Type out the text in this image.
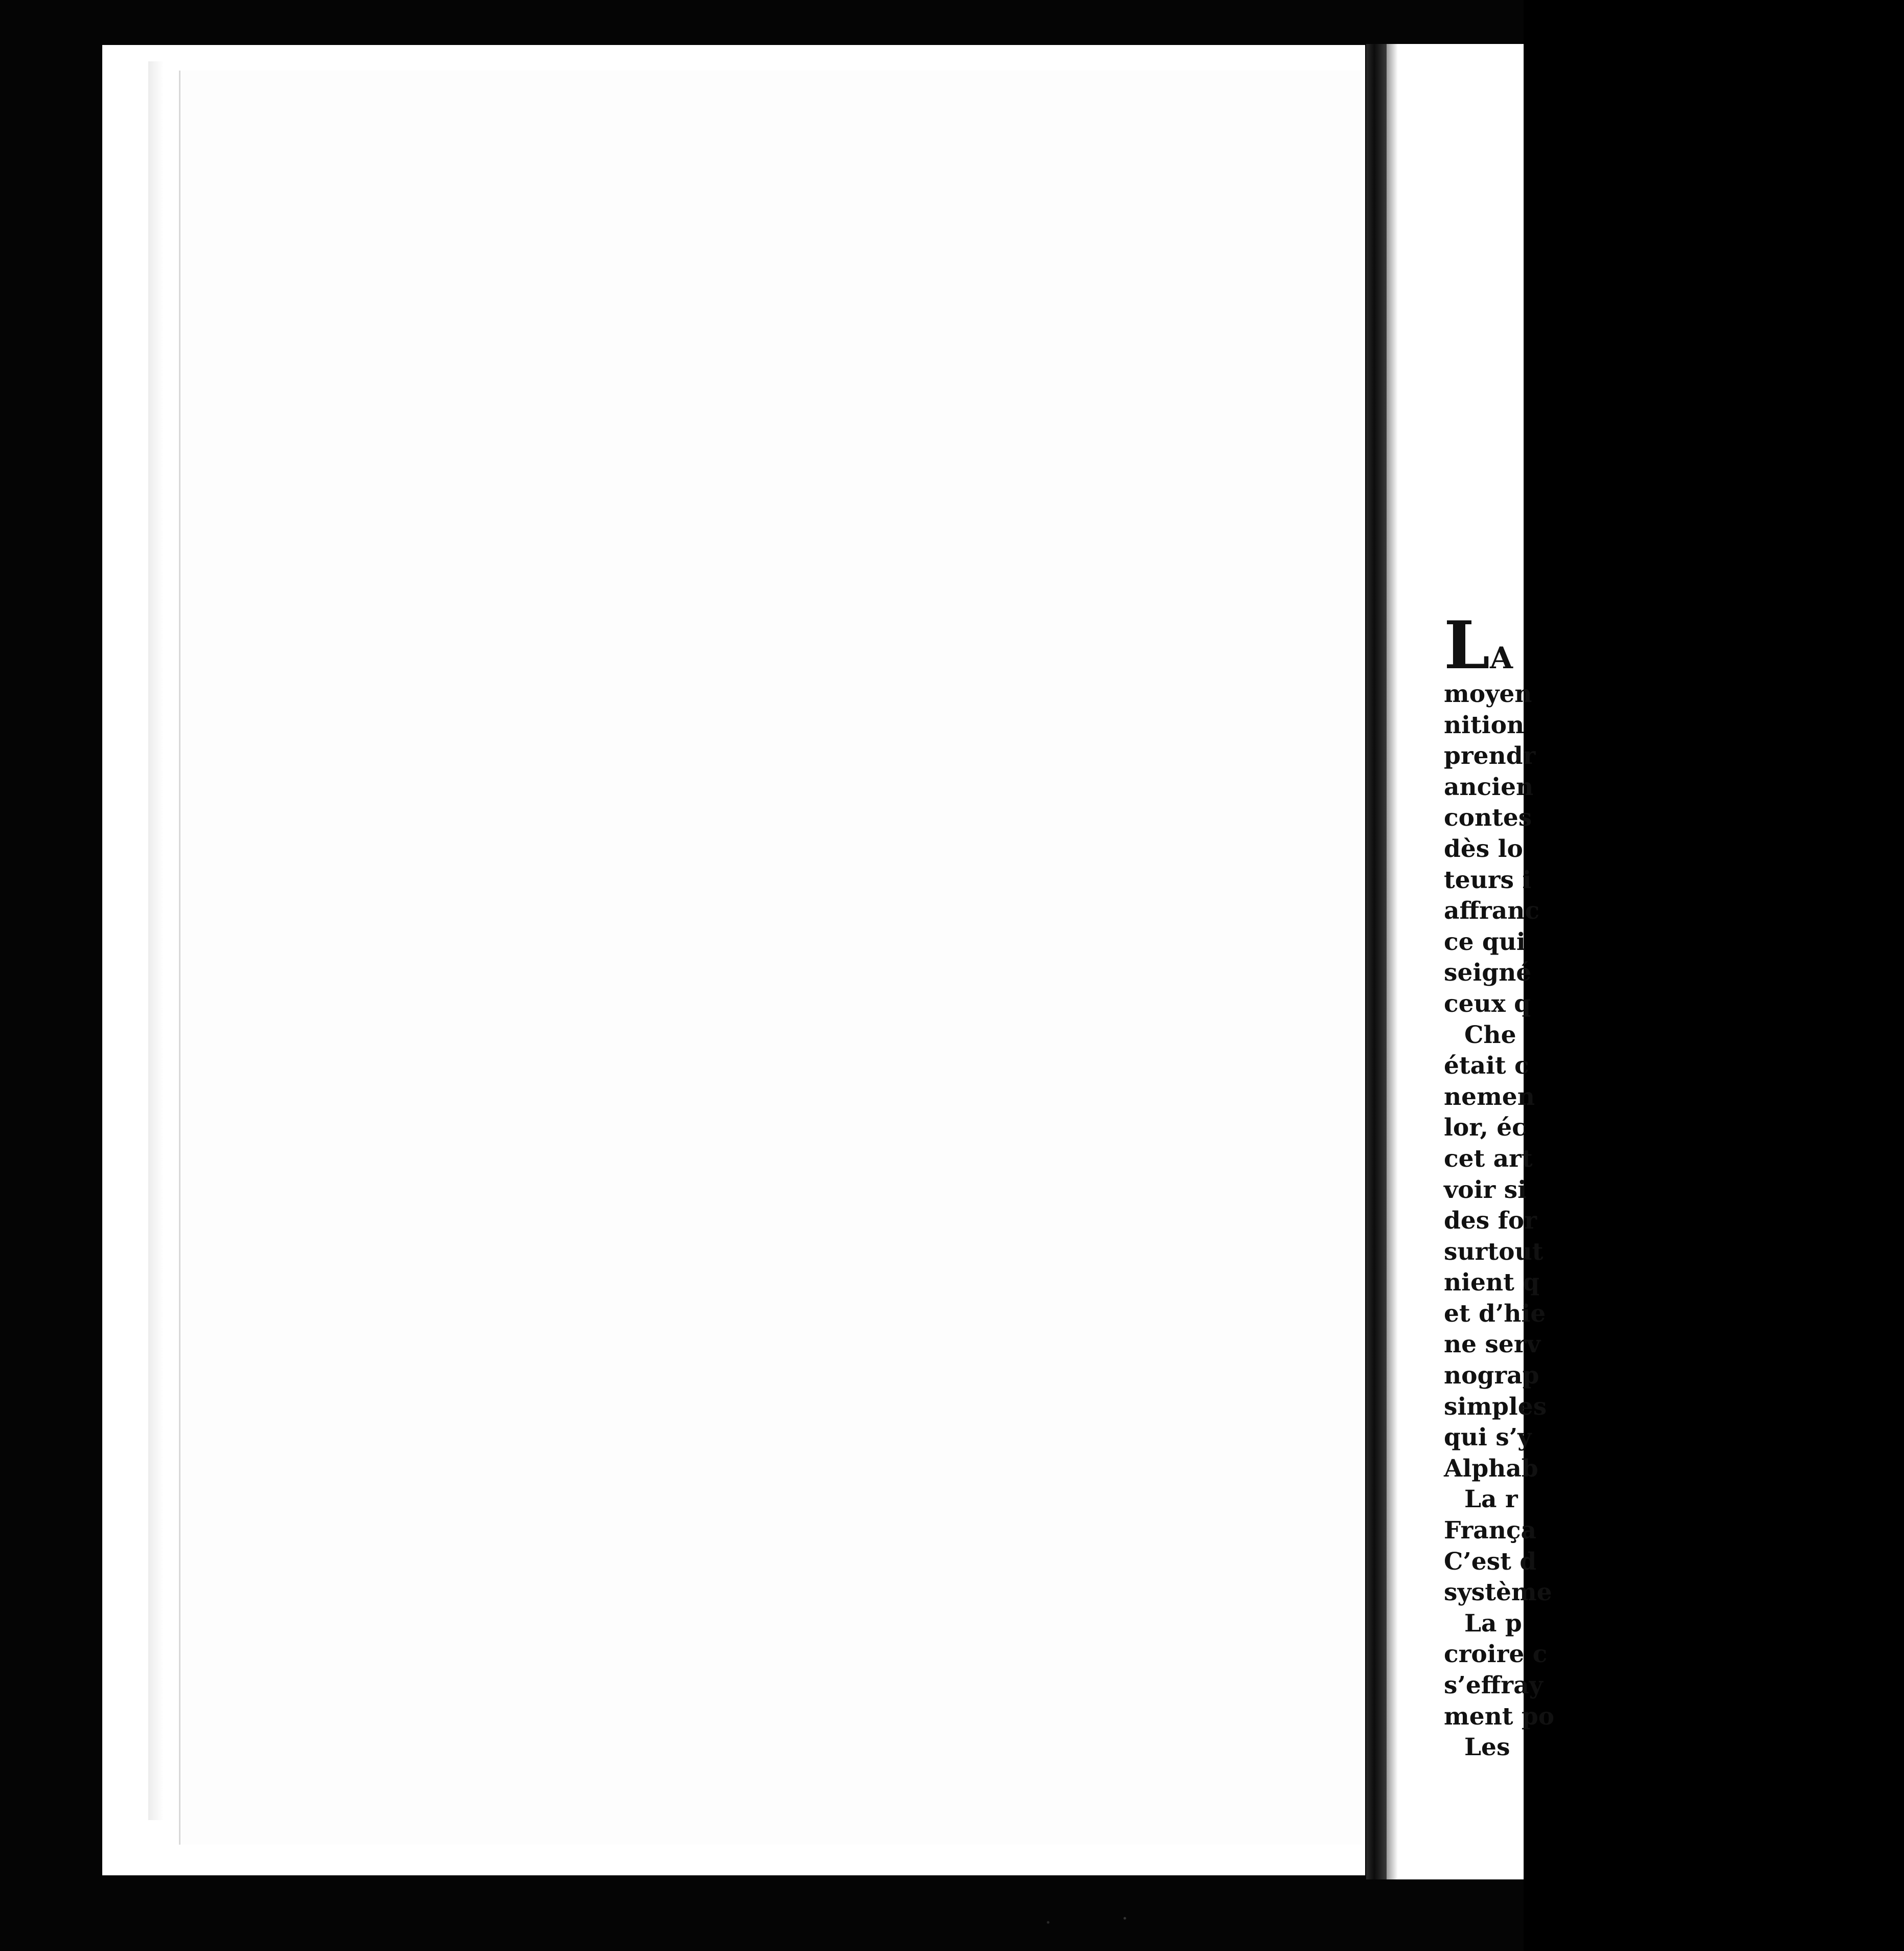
LA
moyen
nition
prendr
ancien
contes
dès lo
teurs i
affranc
ce qui
seigné
ceux q
Che
était c
nemen
lor, éc
cet art
voir si
des for
surtout
nient q
et d’hie
ne serv
nograp
simples
qui s’y
Alphab
La r
França
C’est d
système
La p
croire c
s’effray
ment po
Les
